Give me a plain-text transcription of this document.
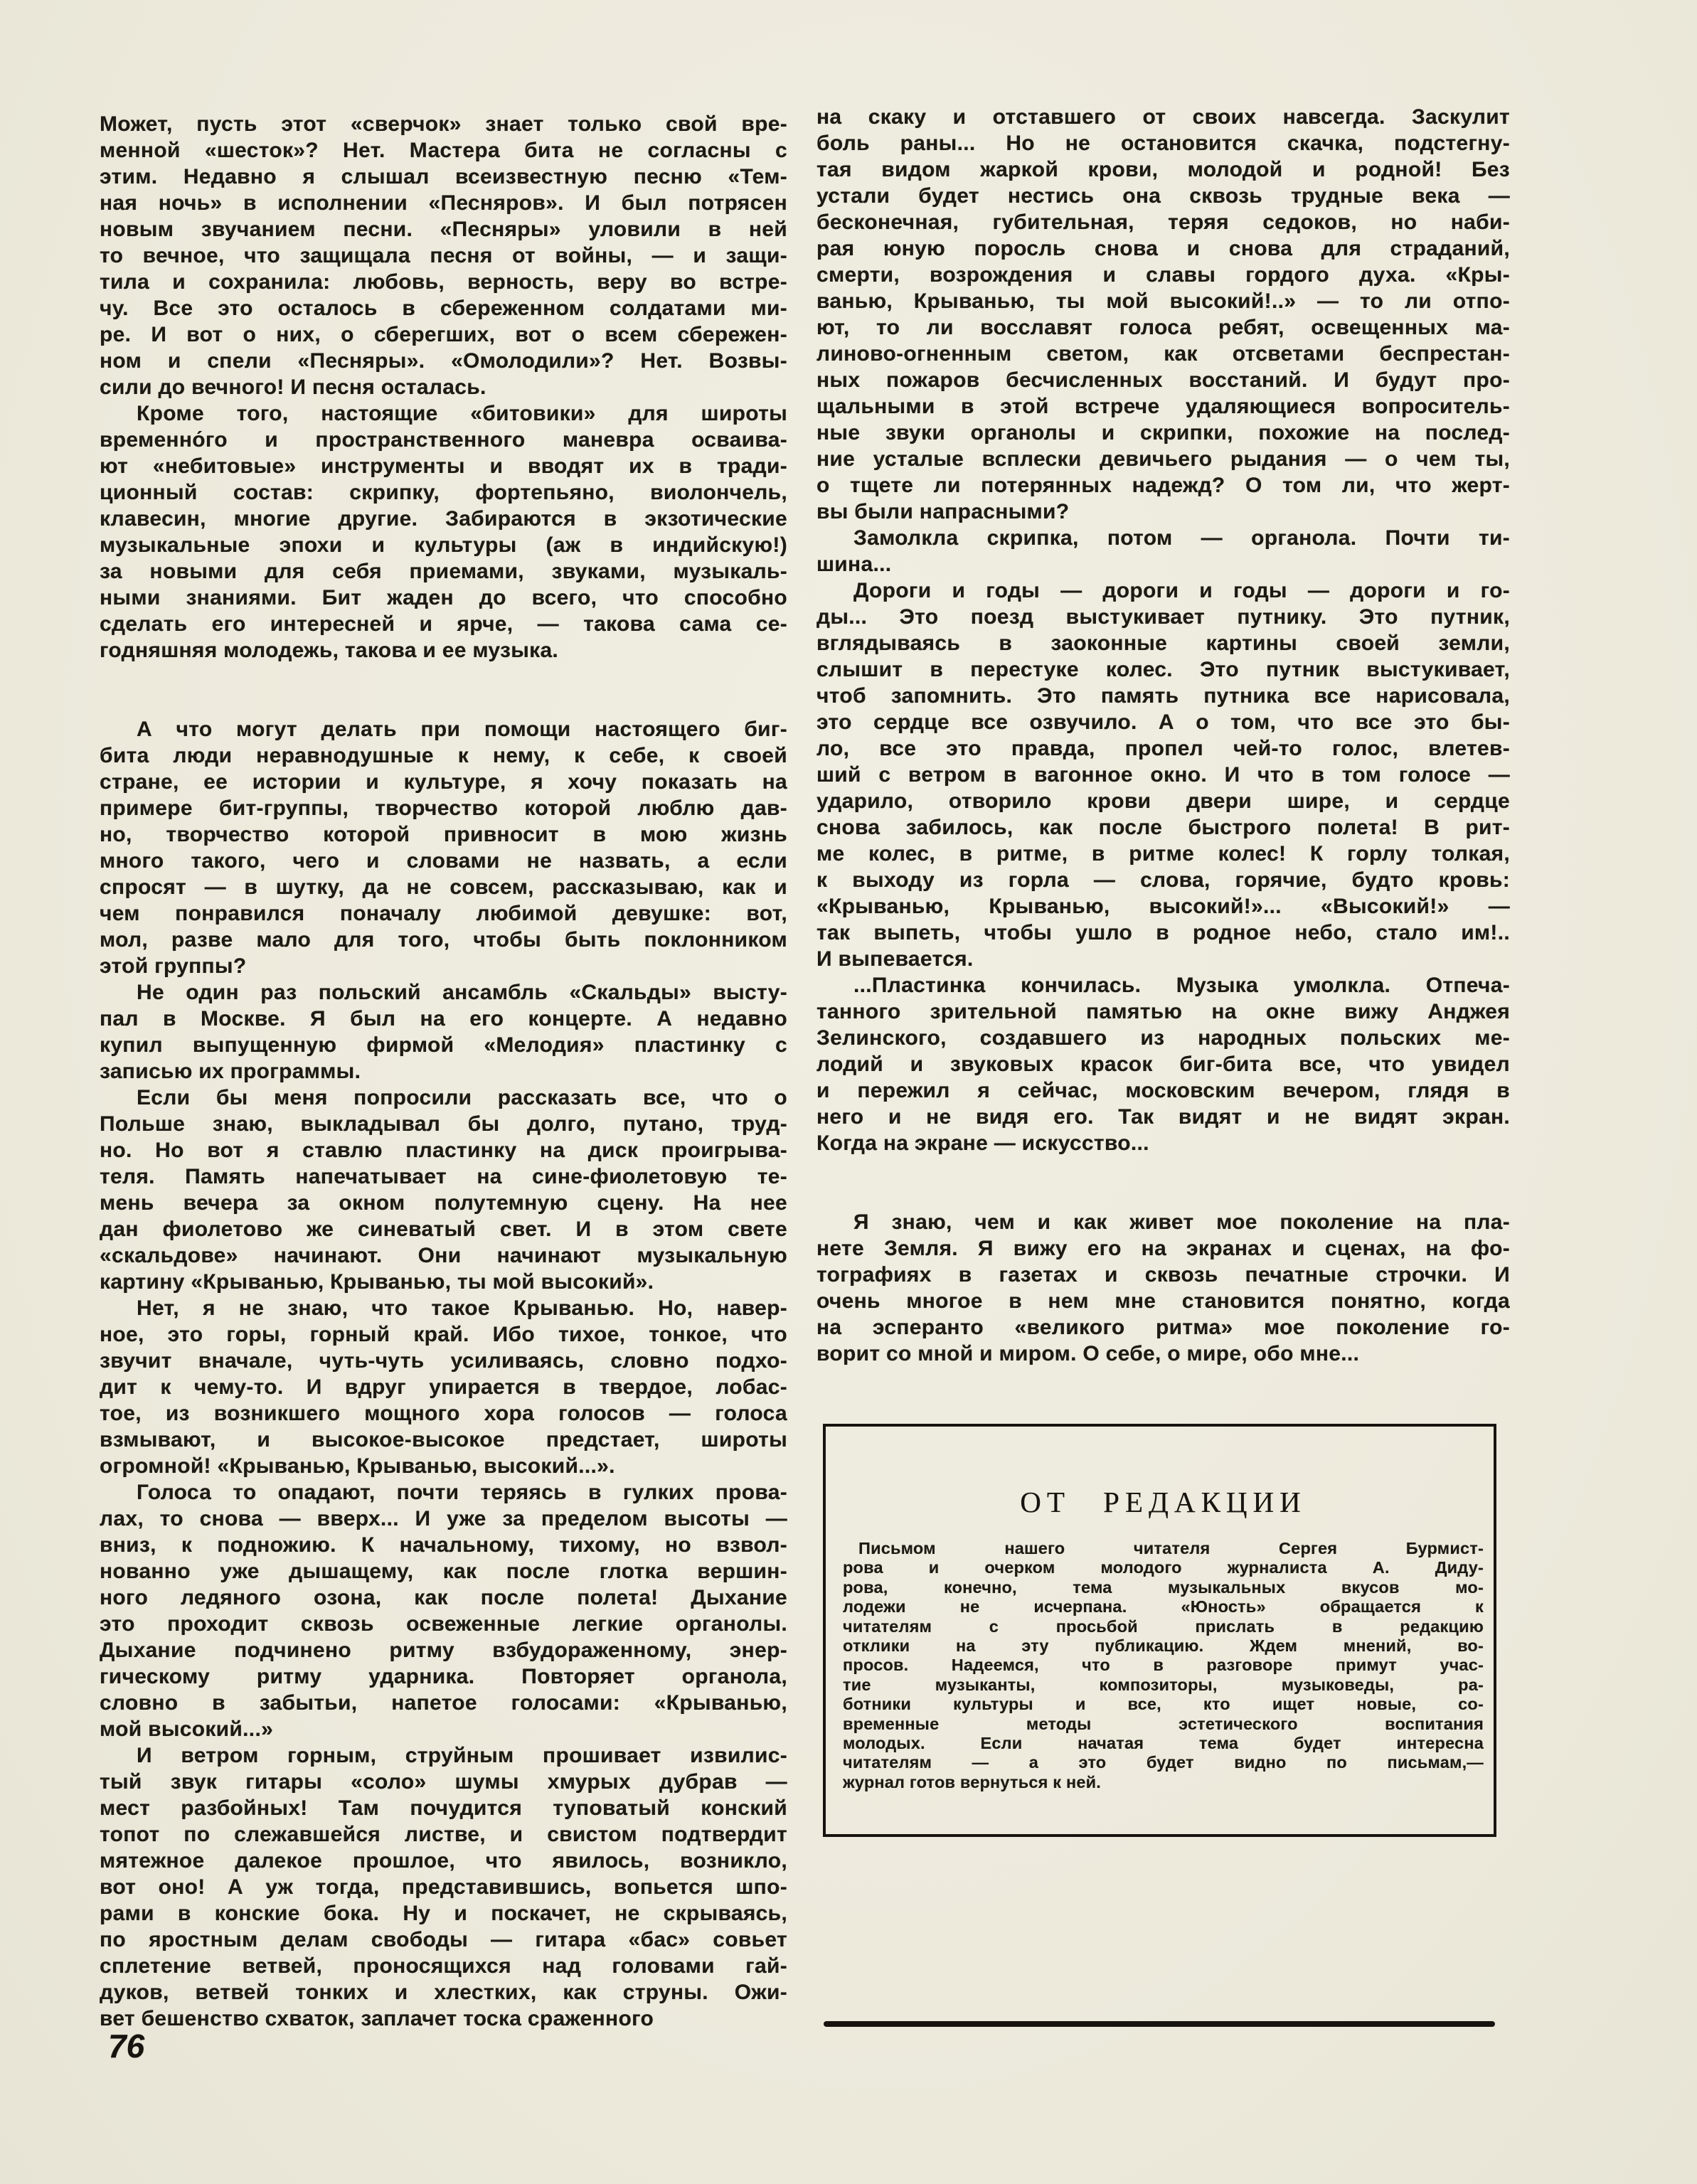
Может, пусть этот «сверчок» знает только свой вре-
менной «шесток»? Нет. Мастера бита не согласны с
этим. Недавно я слышал всеизвестную песню «Тем-
ная ночь» в исполнении «Песняров». И был потрясен
новым звучанием песни. «Песняры» уловили в ней
то вечное, что защищала песня от войны, — и защи-
тила и сохранила: любовь, верность, веру во встре-
чу. Все это осталось в сбереженном солдатами ми-
ре. И вот о них, о сберегших, вот о всем сбережен-
ном и спели «Песняры». «Омолодили»? Нет. Возвы-
сили до вечного! И песня осталась.
Кроме того, настоящие «битовики» для широты
временно́го и пространственного маневра осваива-
ют «небитовые» инструменты и вводят их в тради-
ционный состав: скрипку, фортепьяно, виолончель,
клавесин, многие другие. Забираются в экзотические
музыкальные эпохи и культуры (аж в индийскую!)
за новыми для себя приемами, звуками, музыкаль-
ными знаниями. Бит жаден до всего, что способно
сделать его интересней и ярче, — такова сама се-
годняшняя молодежь, такова и ее музыка.
А что могут делать при помощи настоящего биг-
бита люди неравнодушные к нему, к себе, к своей
стране, ее истории и культуре, я хочу показать на
примере бит-группы, творчество которой люблю дав-
но, творчество которой привносит в мою жизнь
много такого, чего и словами не назвать, а если
спросят — в шутку, да не совсем, рассказываю, как и
чем понравился поначалу любимой девушке: вот,
мол, разве мало для того, чтобы быть поклонником
этой группы?
Не один раз польский ансамбль «Скальды» высту-
пал в Москве. Я был на его концерте. А недавно
купил выпущенную фирмой «Мелодия» пластинку с
записью их программы.
Если бы меня попросили рассказать все, что о
Польше знаю, выкладывал бы долго, путано, труд-
но. Но вот я ставлю пластинку на диск проигрыва-
теля. Память напечатывает на сине-фиолетовую те-
мень вечера за окном полутемную сцену. На нее
дан фиолетово же синеватый свет. И в этом свете
«скальдове» начинают. Они начинают музыкальную
картину «Крыванью, Крыванью, ты мой высокий».
Нет, я не знаю, что такое Крыванью. Но, навер-
ное, это горы, горный край. Ибо тихое, тонкое, что
звучит вначале, чуть-чуть усиливаясь, словно подхо-
дит к чему-то. И вдруг упирается в твердое, лобас-
тое, из возникшего мощного хора голосов — голоса
взмывают, и высокое-высокое предстает, широты
огромной! «Крыванью, Крыванью, высокий...».
Голоса то опадают, почти теряясь в гулких прова-
лах, то снова — вверх... И уже за пределом высоты —
вниз, к подножию. К начальному, тихому, но взвол-
нованно уже дышащему, как после глотка вершин-
ного ледяного озона, как после полета! Дыхание
это проходит сквозь освеженные легкие органолы.
Дыхание подчинено ритму взбудораженному, энер-
гическому ритму ударника. Повторяет органола,
словно в забытьи, напетое голосами: «Крыванью,
мой высокий...»
И ветром горным, струйным прошивает извилис-
тый звук гитары «соло» шумы хмурых дубрав —
мест разбойных! Там почудится туповатый конский
топот по слежавшейся листве, и свистом подтвердит
мятежное далекое прошлое, что явилось, возникло,
вот оно! А уж тогда, представившись, вопьется шпо-
рами в конские бока. Ну и поскачет, не скрываясь,
по яростным делам свободы — гитара «бас» совьет
сплетение ветвей, проносящихся над головами гай-
дуков, ветвей тонких и хлестких, как струны. Ожи-
вет бешенство схваток, заплачет тоска сраженного
на скаку и отставшего от своих навсегда. Заскулит
боль раны... Но не остановится скачка, подстегну-
тая видом жаркой крови, молодой и родной! Без
устали будет нестись она сквозь трудные века —
бесконечная, губительная, теряя седоков, но наби-
рая юную поросль снова и снова для страданий,
смерти, возрождения и славы гордого духа. «Кры-
ванью, Крыванью, ты мой высокий!..» — то ли отпо-
ют, то ли восславят голоса ребят, освещенных ма-
линово-огненным светом, как отсветами беспрестан-
ных пожаров бесчисленных восстаний. И будут про-
щальными в этой встрече удаляющиеся вопроситель-
ные звуки органолы и скрипки, похожие на послед-
ние усталые всплески девичьего рыдания — о чем ты,
о тщете ли потерянных надежд? О том ли, что жерт-
вы были напрасными?
Замолкла скрипка, потом — органола. Почти ти-
шина...
Дороги и годы — дороги и годы — дороги и го-
ды... Это поезд выстукивает путнику. Это путник,
вглядываясь в заоконные картины своей земли,
слышит в перестуке колес. Это путник выстукивает,
чтоб запомнить. Это память путника все нарисовала,
это сердце все озвучило. А о том, что все это бы-
ло, все это правда, пропел чей-то голос, влетев-
ший с ветром в вагонное окно. И что в том голосе —
ударило, отворило крови двери шире, и сердце
снова забилось, как после быстрого полета! В рит-
ме колес, в ритме, в ритме колес! К горлу толкая,
к выходу из горла — слова, горячие, будто кровь:
«Крыванью, Крыванью, высокий!»... «Высокий!» —
так выпеть, чтобы ушло в родное небо, стало им!..
И выпевается.
...Пластинка кончилась. Музыка умолкла. Отпеча-
танного зрительной памятью на окне вижу Анджея
Зелинского, создавшего из народных польских ме-
лодий и звуковых красок биг-бита все, что увидел
и пережил я сейчас, московским вечером, глядя в
него и не видя его. Так видят и не видят экран.
Когда на экране — искусство...
Я знаю, чем и как живет мое поколение на пла-
нете Земля. Я вижу его на экранах и сценах, на фо-
тографиях в газетах и сквозь печатные строчки. И
очень многое в нем мне становится понятно, когда
на эсперанто «великого ритма» мое поколение го-
ворит со мной и миром. О себе, о мире, обо мне...
ОТ РЕДАКЦИИ
Письмом нашего читателя Сергея Бурмист-
рова и очерком молодого журналиста А. Диду-
рова, конечно, тема музыкальных вкусов мо-
лодежи не исчерпана. «Юность» обращается к
читателям с просьбой прислать в редакцию
отклики на эту публикацию. Ждем мнений, во-
просов. Надеемся, что в разговоре примут учас-
тие музыканты, композиторы, музыковеды, ра-
ботники культуры и все, кто ищет новые, со-
временные методы эстетического воспитания
молодых. Если начатая тема будет интересна
читателям — а это будет видно по письмам,—
журнал готов вернуться к ней.
76
